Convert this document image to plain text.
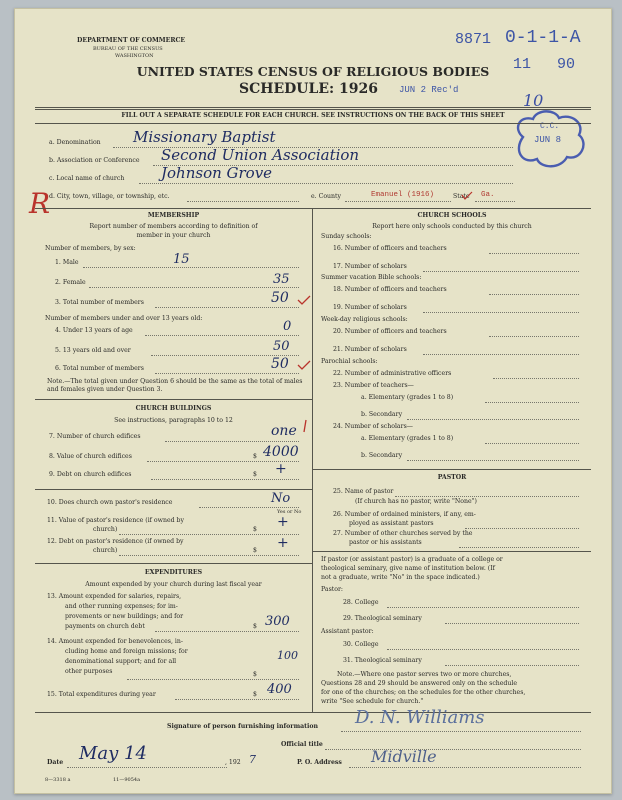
DEPARTMENT OF COMMERCE
BUREAU OF THE CENSUS
WASHINGTON
UNITED STATES CENSUS OF RELIGIOUS BODIES
SCHEDULE: 1926
8871 0-1-1-A
11 90
JUN 2 Rec'd
10
C.C.
JUN 8
R
FILL OUT A SEPARATE SCHEDULE FOR EACH CHURCH. SEE INSTRUCTIONS ON THE BACK OF THIS SHEET
a. Denomination Missionary Baptist
b. Association or Conference Second Union Association
c. Local name of church Johnson Grove
d. City, town, village, or township, etc.	e. County	Emanuel (1916)	State Ga.
MEMBERSHIP
Report number of members according to definition of
member in your church
Number of members, by sex:
1. Male	15
2. Female	35
3. Total number of members	50
Number of members under and over 13 years old:
4. Under 13 years of age	0
5. 13 years old and over	50
6. Total number of members	50
Note.—The total given under Question 6 should be the same as the total of males and females given under Question 3.
CHURCH BUILDINGS
See instructions, paragraphs 10 to 12
7. Number of church edifices	one
8. Value of church edifices	$ 4000
9. Debt on church edifices	$ +
10. Does church own pastor's residence	No
Yes or No
11. Value of pastor's residence (if owned by
church)	$ +
12. Debt on pastor's residence (if owned by
church)	$ +
EXPENDITURES
Amount expended by your church during last fiscal year
13. Amount expended for salaries, repairs,
and other running expenses; for im-
provements or new buildings; and for
payments on church debt	$ 300
14. Amount expended for benevolences, in-
cluding home and foreign missions; for
denominational support; and for all
other purposes	$
100
15. Total expenditures during year	$ 400
CHURCH SCHOOLS
Report here only schools conducted by this church
Sunday schools:
16. Number of officers and teachers
17. Number of scholars
Summer vacation Bible schools:
18. Number of officers and teachers
19. Number of scholars
Week-day religious schools:
20. Number of officers and teachers
21. Number of scholars
Parochial schools:
22. Number of administrative officers
23. Number of teachers—
a. Elementary (grades 1 to 8)
b. Secondary
24. Number of scholars—
a. Elementary (grades 1 to 8)
b. Secondary
PASTOR
25. Name of pastor
(If church has no pastor, write "None")
26. Number of ordained ministers, if any, em-
ployed as assistant pastors
27. Number of other churches served by the
pastor or his assistants
If pastor (or assistant pastor) is a graduate of a college or
theological seminary, give name of institution below. (If
not a graduate, write "No" in the space indicated.)
Pastor:
28. College
29. Theological seminary
Assistant pastor:
30. College
31. Theological seminary
Note.—Where one pastor serves two or more churches,
Questions 28 and 29 should be answered only on the schedule
for one of the churches; on the schedules for the other churches,
write "See schedule for church."
Signature of person furnishing information D. N. Williams
Official title
Date May 14	, 192 7	P. O. Address Midville
8—3318 a	11—9054a
